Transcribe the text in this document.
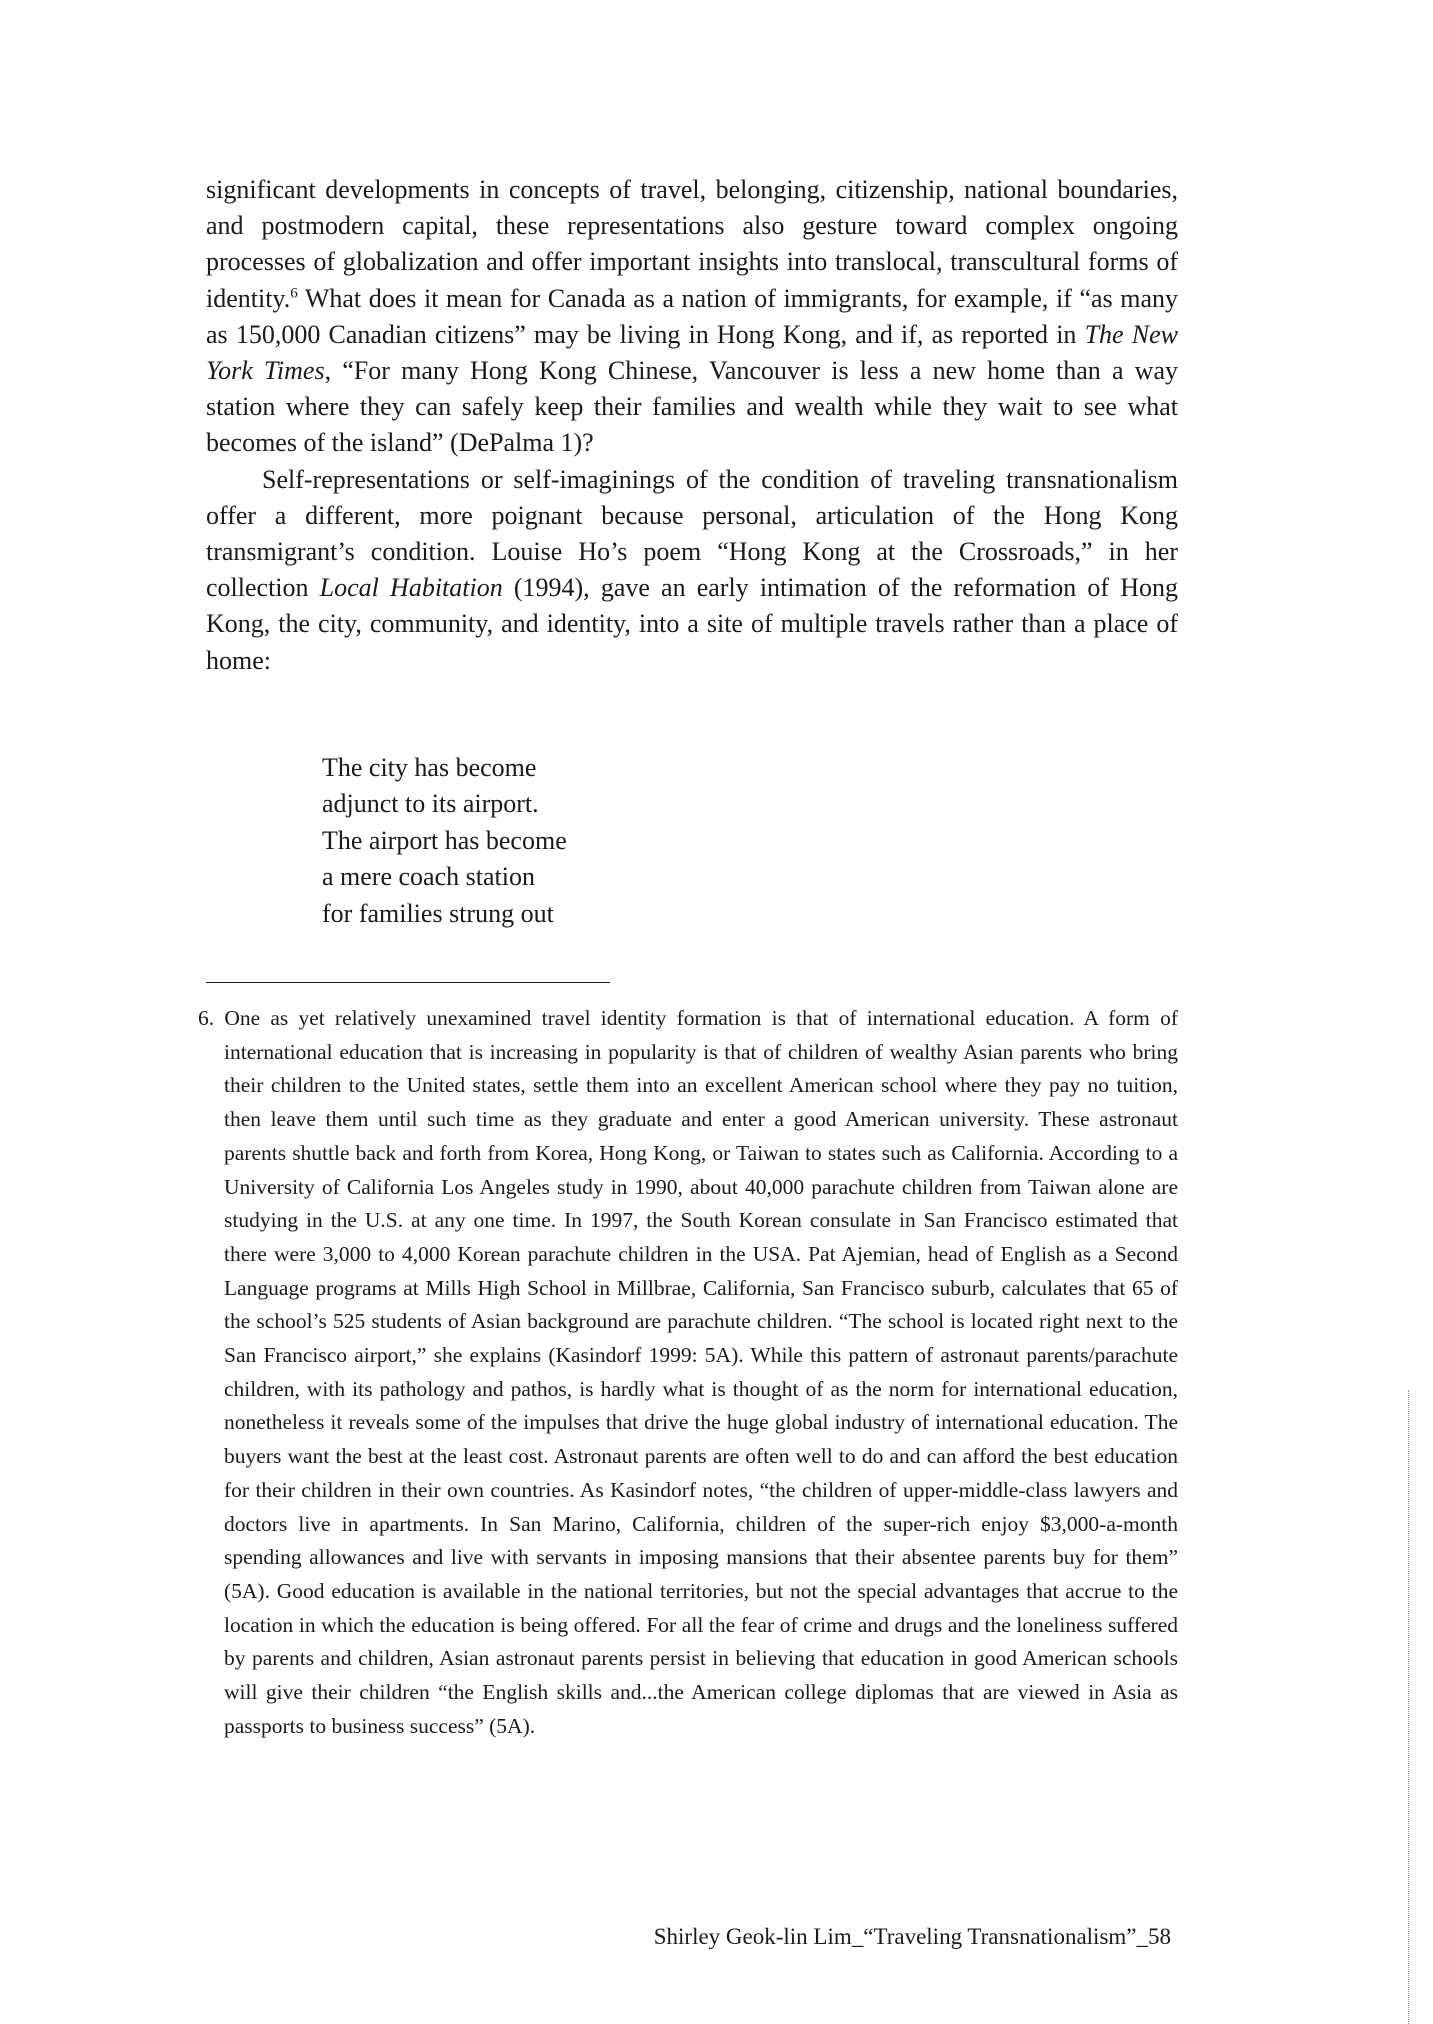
significant developments in concepts of travel, belonging, citizenship, national boundaries, and postmodern capital, these representations also gesture toward complex ongoing processes of globalization and offer important insights into translocal, transcultural forms of identity.$^6$ What does it mean for Canada as a nation of immigrants, for example, if “as many as 150,000 Canadian citizens” may be living in Hong Kong, and if, as reported in The New York Times, “For many Hong Kong Chinese, Vancouver is less a new home than a way station where they can safely keep their families and wealth while they wait to see what becomes of the island” (DePalma 1)?

Self-representations or self-imaginings of the condition of traveling transnationalism offer a different, more poignant because personal, articulation of the Hong Kong transmigrant’s condition. Louise Ho’s poem “Hong Kong at the Crossroads,” in her collection Local Habitation (1994), gave an early intimation of the reformation of Hong Kong, the city, community, and identity, into a site of multiple travels rather than a place of home:

The city has become
adjunct to its airport.
The airport has become
a mere coach station
for families strung out

6. One as yet relatively unexamined travel identity formation is that of international education. A form of international education that is increasing in popularity is that of children of wealthy Asian parents who bring their children to the United states, settle them into an excellent American school where they pay no tuition, then leave them until such time as they graduate and enter a good American university. These astronaut parents shuttle back and forth from Korea, Hong Kong, or Taiwan to states such as California. According to a University of California Los Angeles study in 1990, about 40,000 parachute children from Taiwan alone are studying in the U.S. at any one time. In 1997, the South Korean consulate in San Francisco estimated that there were 3,000 to 4,000 Korean parachute children in the USA. Pat Ajemian, head of English as a Second Language programs at Mills High School in Millbrae, California, San Francisco suburb, calculates that 65 of the school’s 525 students of Asian background are parachute children. “The school is located right next to the San Francisco airport,” she explains (Kasindorf 1999: 5A). While this pattern of astronaut parents/parachute children, with its pathology and pathos, is hardly what is thought of as the norm for international education, nonetheless it reveals some of the impulses that drive the huge global industry of international education. The buyers want the best at the least cost. Astronaut parents are often well to do and can afford the best education for their children in their own countries. As Kasindorf notes, “the children of upper-middle-class lawyers and doctors live in apartments. In San Marino, California, children of the super-rich enjoy $3,000-a-month spending allowances and live with servants in imposing mansions that their absentee parents buy for them” (5A). Good education is available in the national territories, but not the special advantages that accrue to the location in which the education is being offered. For all the fear of crime and drugs and the loneliness suffered by parents and children, Asian astronaut parents persist in believing that education in good American schools will give their children “the English skills and...the American college diplomas that are viewed in Asia as passports to business success” (5A).

Shirley Geok-lin Lim_“Traveling Transnationalism”_58
